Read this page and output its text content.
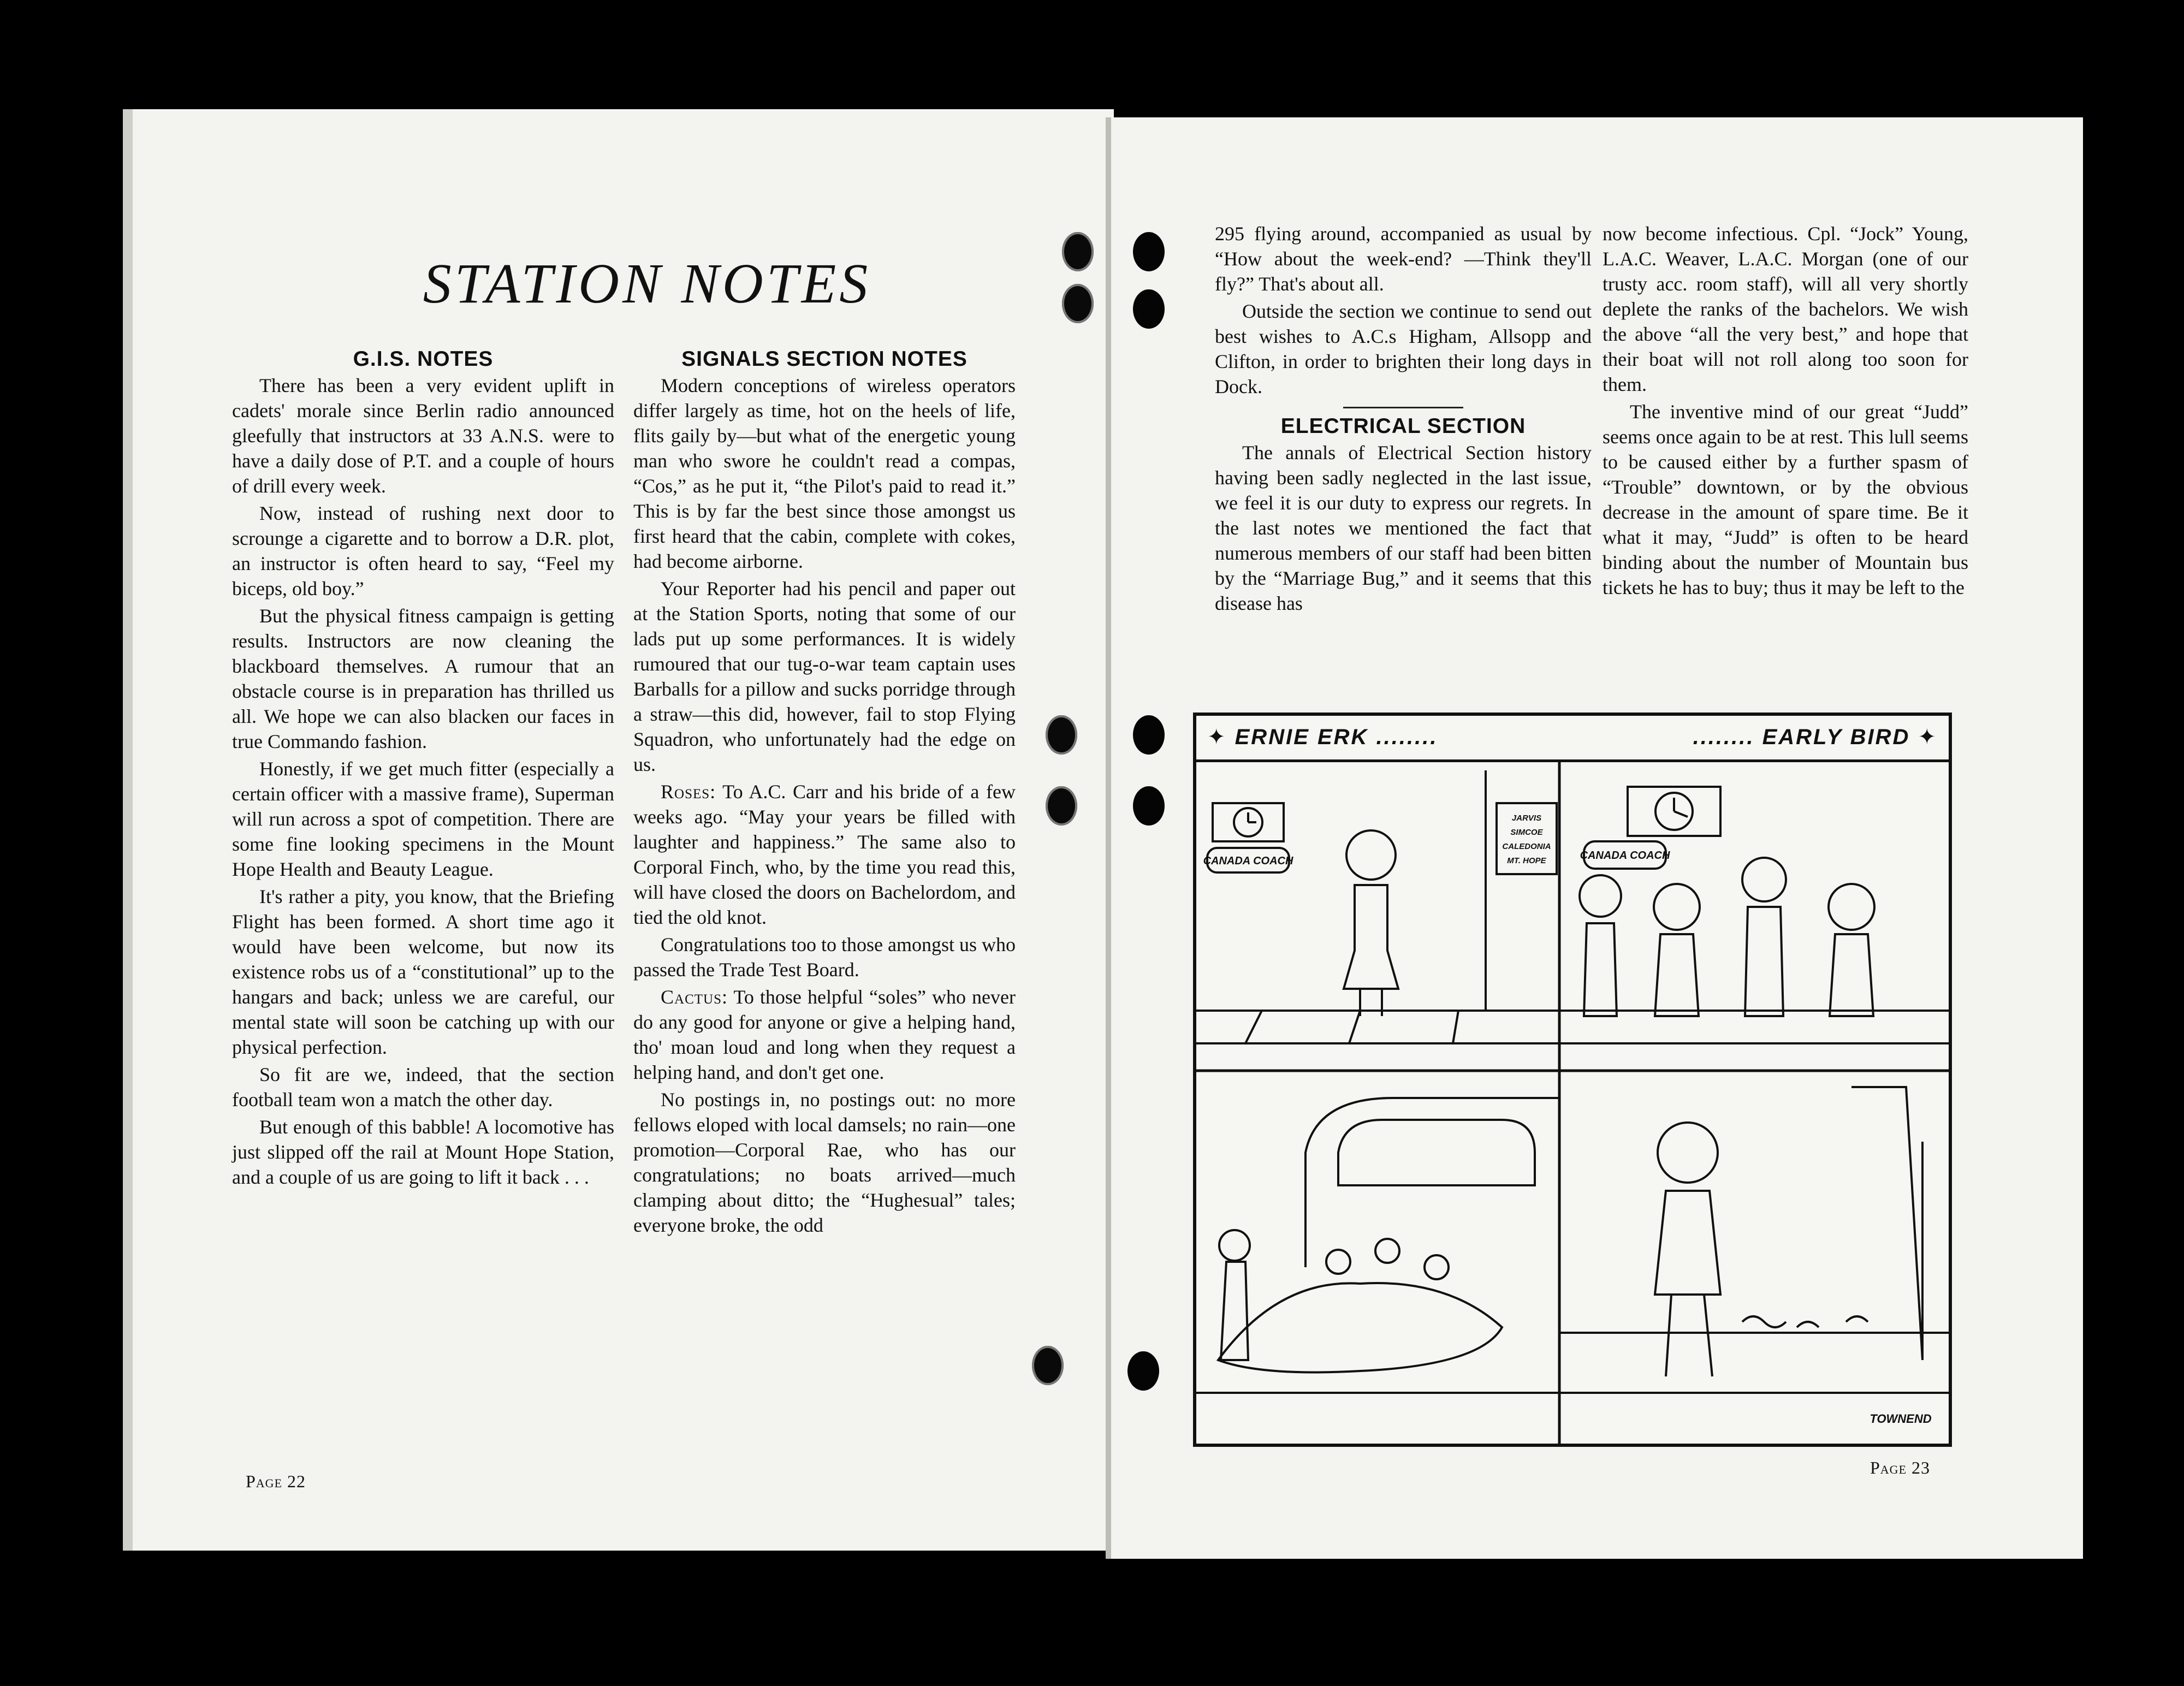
STATION NOTES
G.I.S. NOTES

There has been a very evident uplift in cadets' morale since Berlin radio announced gleefully that instructors at 33 A.N.S. were to have a daily dose of P.T. and a couple of hours of drill every week.

Now, instead of rushing next door to scrounge a cigarette and to borrow a D.R. plot, an instructor is often heard to say, “Feel my biceps, old boy.”

But the physical fitness campaign is getting results. Instructors are now cleaning the blackboard themselves. A rumour that an obstacle course is in preparation has thrilled us all. We hope we can also blacken our faces in true Commando fashion.

Honestly, if we get much fitter (especially a certain officer with a massive frame), Superman will run across a spot of competition. There are some fine looking specimens in the Mount Hope Health and Beauty League.

It's rather a pity, you know, that the Briefing Flight has been formed. A short time ago it would have been welcome, but now its existence robs us of a “constitutional” up to the hangars and back; unless we are careful, our mental state will soon be catching up with our physical perfection.

So fit are we, indeed, that the section football team won a match the other day.

But enough of this babble! A locomotive has just slipped off the rail at Mount Hope Station, and a couple of us are going to lift it back . . .

SIGNALS SECTION NOTES

Modern conceptions of wireless operators differ largely as time, hot on the heels of life, flits gaily by—but what of the energetic young man who swore he couldn't read a compas, “Cos,” as he put it, “the Pilot's paid to read it.” This is by far the best since those amongst us first heard that the cabin, complete with cokes, had become airborne.

Your Reporter had his pencil and paper out at the Station Sports, noting that some of our lads put up some performances. It is widely rumoured that our tug-o-war team captain uses Barballs for a pillow and sucks porridge through a straw—this did, however, fail to stop Flying Squadron, who unfortunately had the edge on us.

Roses: To A.C. Carr and his bride of a few weeks ago. “May your years be filled with laughter and happiness.” The same also to Corporal Finch, who, by the time you read this, will have closed the doors on Bachelordom, and tied the old knot.

Congratulations too to those amongst us who passed the Trade Test Board.

Cactus: To those helpful “soles” who never do any good for anyone or give a helping hand, tho' moan loud and long when they request a helping hand, and don't get one.

No postings in, no postings out: no more fellows eloped with local damsels; no rain—one promotion—Corporal Rae, who has our congratulations; no boats arrived—much clamping about ditto; the “Hughesual” tales; everyone broke, the odd

Page 22

295 flying around, accompanied as usual by “How about the week-end? —Think they'll fly?” That's about all.

Outside the section we continue to send out best wishes to A.C.s Higham, Allsopp and Clifton, in order to brighten their long days in Dock.

ELECTRICAL SECTION

The annals of Electrical Section history having been sadly neglected in the last issue, we feel it is our duty to express our regrets. In the last notes we mentioned the fact that numerous members of our staff had been bitten by the “Marriage Bug,” and it seems that this disease has

now become infectious. Cpl. “Jock” Young, L.A.C. Weaver, L.A.C. Morgan (one of our trusty acc. room staff), will all very shortly deplete the ranks of the bachelors. We wish the above “all the very best,” and hope that their boat will not roll along too soon for them.

The inventive mind of our great “Judd” seems once again to be at rest. This lull seems to be caused either by a further spasm of “Trouble” downtown, or by the obvious decrease in the amount of spare time. Be it what it may, “Judd” is often to be heard binding about the number of Mountain bus tickets he has to buy; thus it may be left to the

Page 23
✦ ERNIE ERK ........	........ EARLY BIRD ✦
CANADA COACH	CANADA COACH
JARVIS
SIMCOE
CALEDONIA
MT. HOPE
TOWNEND
